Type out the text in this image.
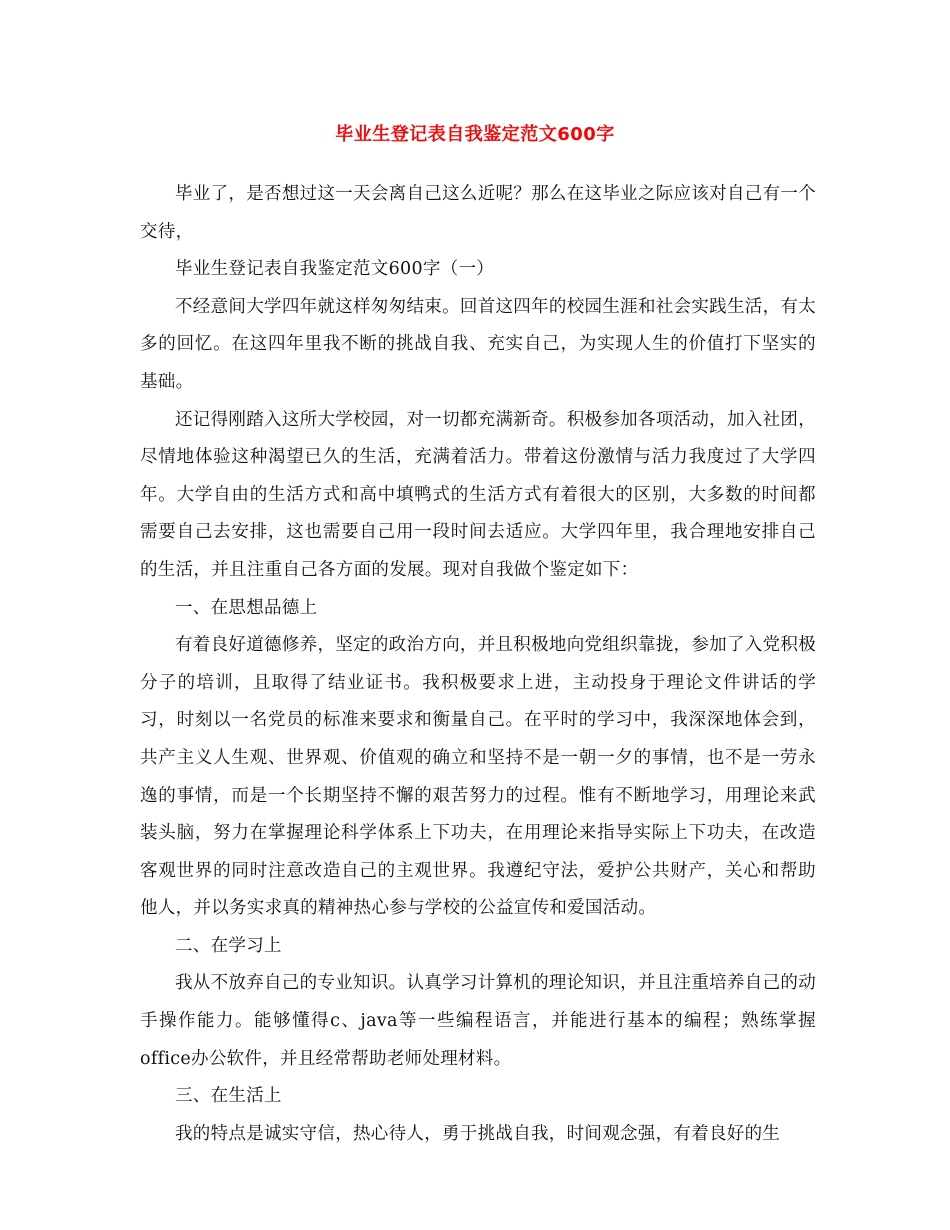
毕业生登记表自我鉴定范文600字

毕业了，是否想过这一天会离自己这么近呢？那么在这毕业之际应该对自己有一个交待，

毕业生登记表自我鉴定范文600字（一）

不经意间大学四年就这样匆匆结束。回首这四年的校园生涯和社会实践生活，有太多的回忆。在这四年里我不断的挑战自我、充实自己，为实现人生的价值打下坚实的基础。

还记得刚踏入这所大学校园，对一切都充满新奇。积极参加各项活动，加入社团，尽情地体验这种渴望已久的生活，充满着活力。带着这份激情与活力我度过了大学四年。大学自由的生活方式和高中填鸭式的生活方式有着很大的区别，大多数的时间都需要自己去安排，这也需要自己用一段时间去适应。大学四年里，我合理地安排自己的生活，并且注重自己各方面的发展。现对自我做个鉴定如下：

一、在思想品德上

有着良好道德修养，坚定的政治方向，并且积极地向党组织靠拢，参加了入党积极分子的培训，且取得了结业证书。我积极要求上进，主动投身于理论文件讲话的学习，时刻以一名党员的标准来要求和衡量自己。在平时的学习中，我深深地体会到，共产主义人生观、世界观、价值观的确立和坚持不是一朝一夕的事情，也不是一劳永逸的事情，而是一个长期坚持不懈的艰苦努力的过程。惟有不断地学习，用理论来武装头脑，努力在掌握理论科学体系上下功夫，在用理论来指导实际上下功夫，在改造客观世界的同时注意改造自己的主观世界。我遵纪守法，爱护公共财产，关心和帮助他人，并以务实求真的精神热心参与学校的公益宣传和爱国活动。

二、在学习上

我从不放弃自己的专业知识。认真学习计算机的理论知识，并且注重培养自己的动手操作能力。能够懂得c、java等一些编程语言，并能进行基本的编程；熟练掌握office办公软件，并且经常帮助老师处理材料。

三、在生活上

我的特点是诚实守信，热心待人，勇于挑战自我，时间观念强，有着良好的生
